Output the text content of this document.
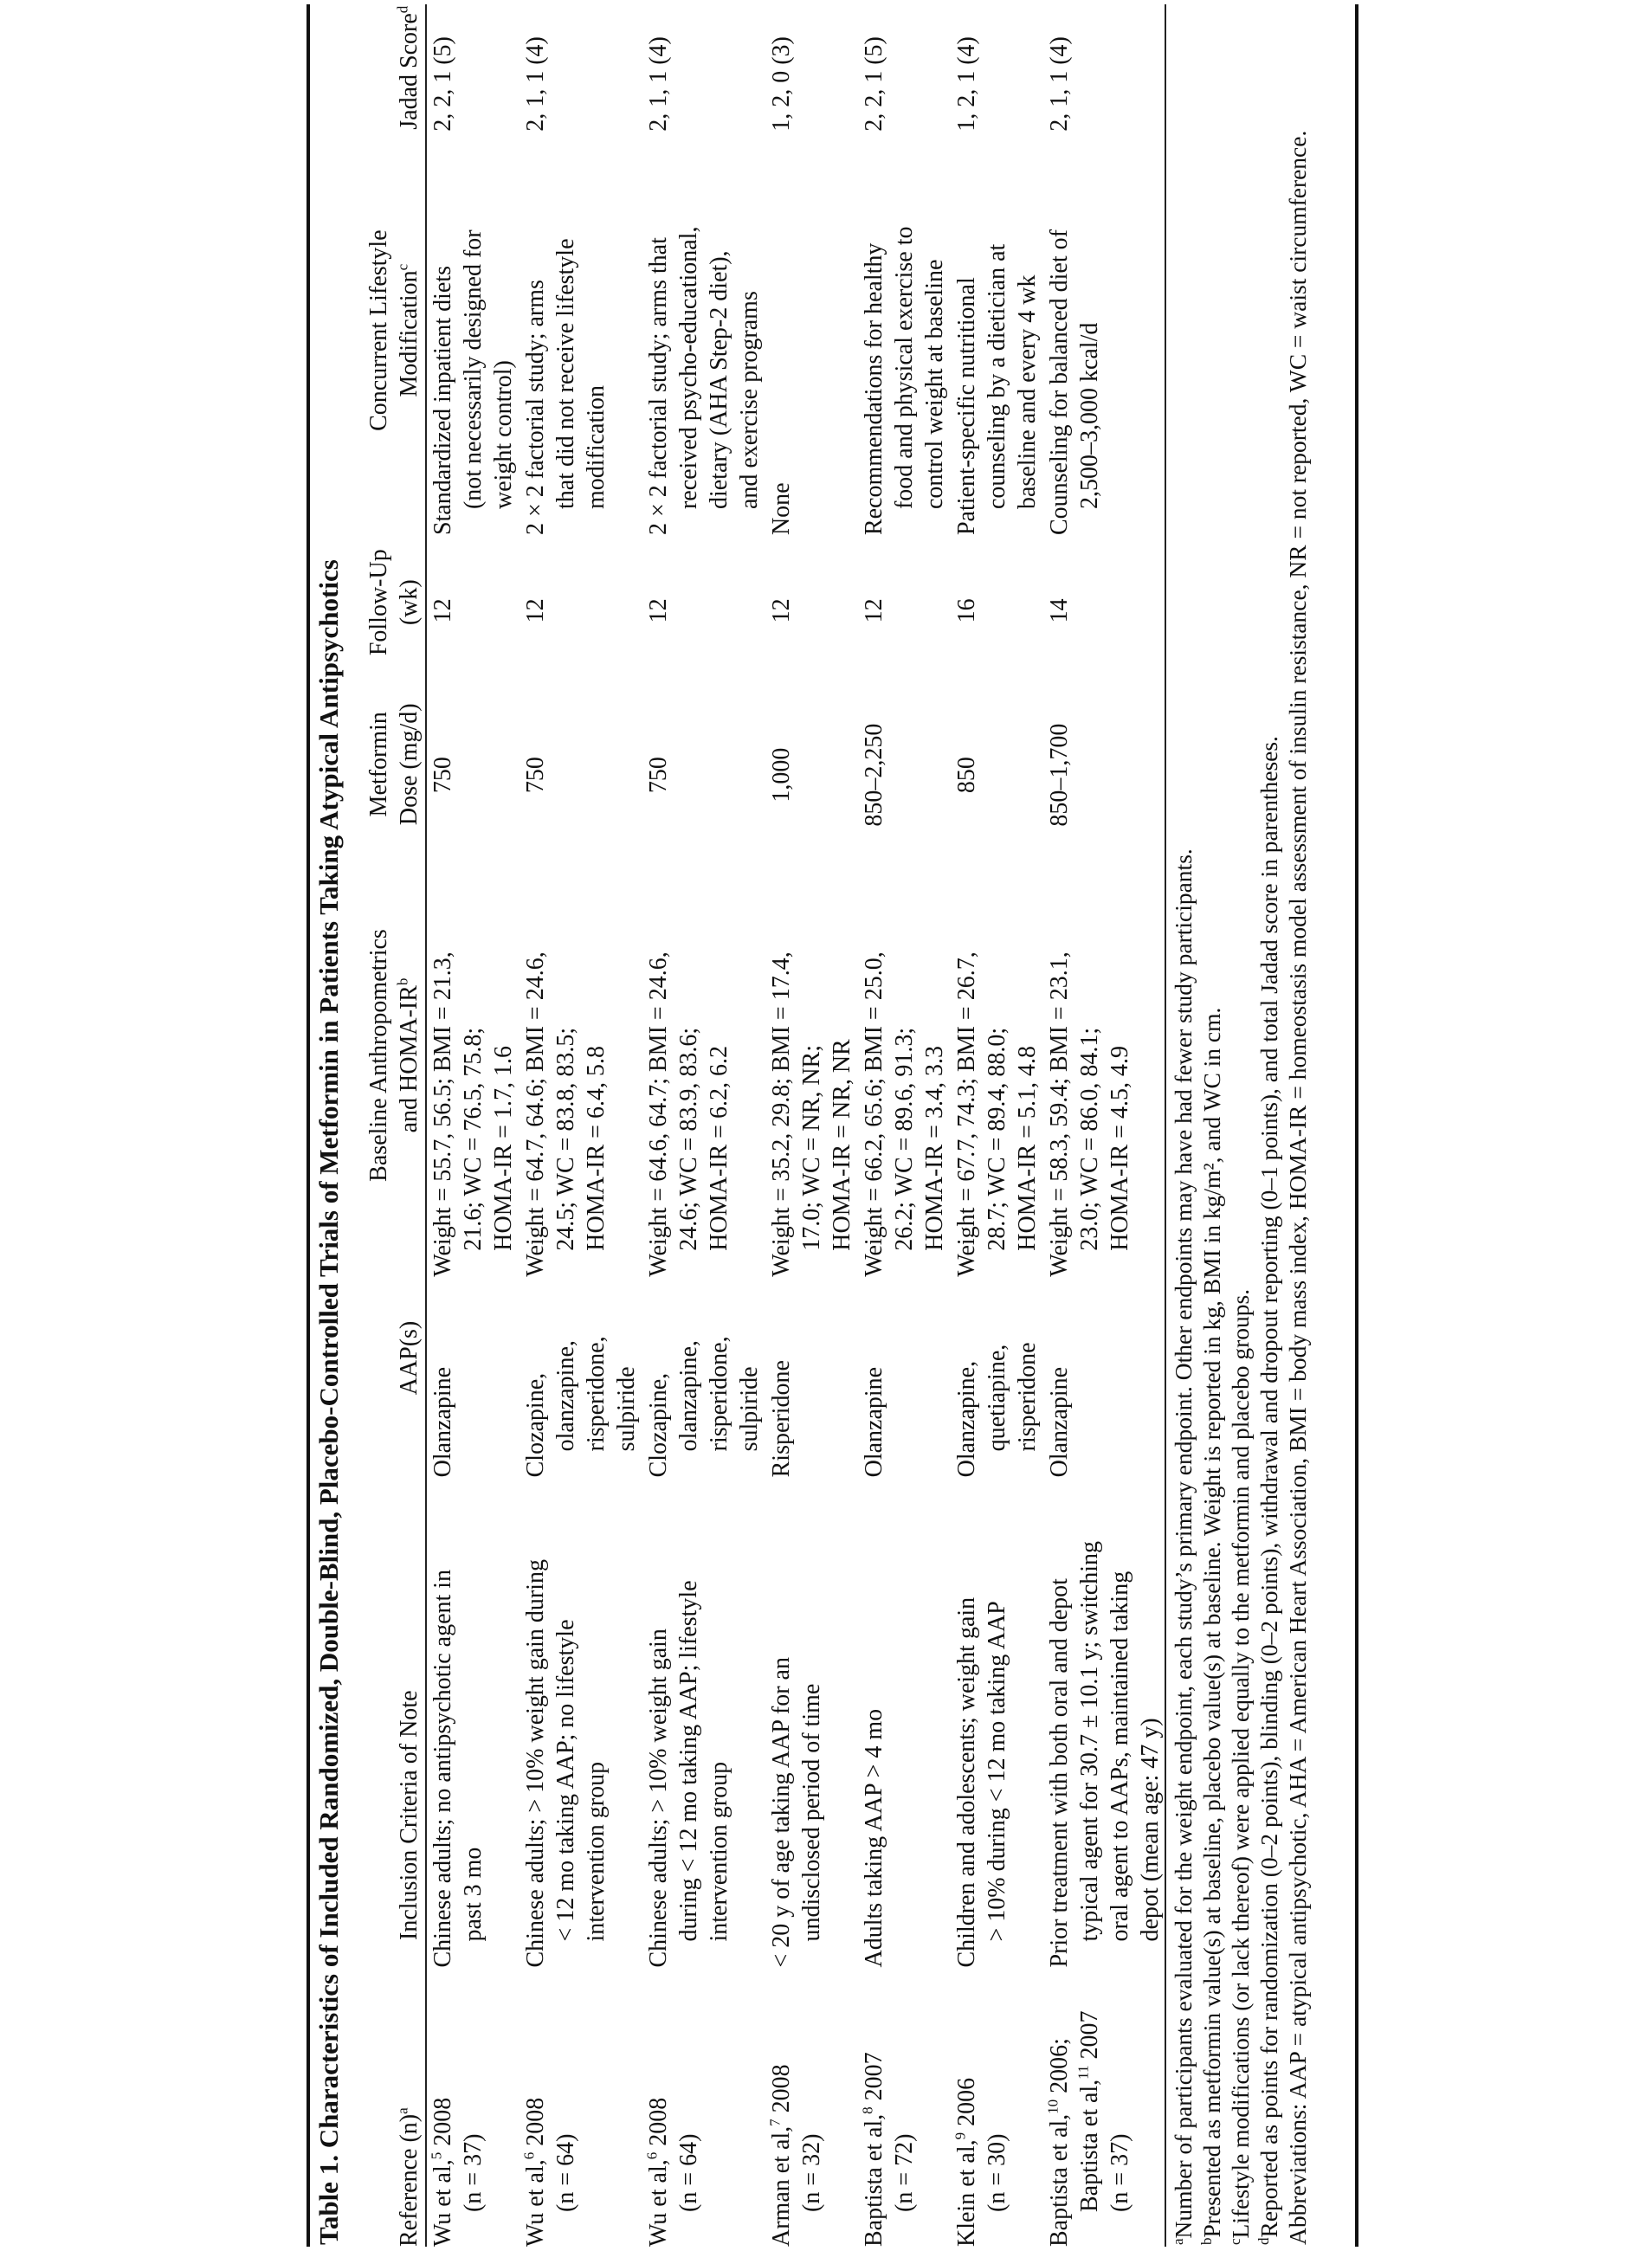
Table 1. Characteristics of Included Randomized, Double-Blind, Placebo-Controlled Trials of Metformin in Patients Taking Atypical Antipsychotics Reference $(n)^a$
Inclusion Criteria of Note
AAP(s)
Baseline Anthropometrics and HOMA-$IR^b$
Metformin Dose (mg/d)
Follow-Up (wk)
Concurrent Lifestyle Modification$^c$
Jadad Score$^d$
Wu et al,$^5$ 2008
(n = 37)
Chinese adults; no antipsychotic agent in past 3 mo
Olanzapine
Weight = 55.7, 56.5; BMI = 21.3, 21.6; WC = 76.5, 75.8; HOMA-IR = 1.7, 1.6
750
12
Standardized inpatient diets (not necessarily designed for weight control)
2, 2, 1 (5)
Wu et al,$^6$ 2008
(n = 64)
Chinese adults; > 10% weight gain during < 12 mo taking AAP; no lifestyle intervention group
Clozapine, olanzapine, risperidone, sulpiride
Weight = 64.7, 64.6; BMI = 24.6, 24.5; WC = 83.8, 83.5; HOMA-IR = 6.4, 5.8
750
12
2 × 2 factorial study; arms that did not receive lifestyle modification
2, 1, 1 (4)
Wu et al,$^6$ 2008
(n = 64)
Chinese adults; > 10% weight gain during < 12 mo taking AAP; lifestyle intervention group
Clozapine, olanzapine, risperidone, sulpiride
Weight = 64.6, 64.7; BMI = 24.6, 24.6; WC = 83.9, 83.6; HOMA-IR = 6.2, 6.2
750
12
2 × 2 factorial study; arms that received psycho-educational, dietary (AHA Step-2 diet), and exercise programs
2, 1, 1 (4)
Arman et al,$^7$ 2008
(n = 32)
< 20 y of age taking AAP for an undisclosed period of time
Risperidone
Weight = 35.2, 29.8; BMI = 17.4, 17.0; WC = NR, NR; HOMA-IR = NR, NR
1,000
12
None
1, 2, 0 (3)
Baptista et al,$^8$ 2007
(n = 72)
Adults taking AAP > 4 mo
Olanzapine
Weight = 66.2, 65.6; BMI = 25.0, 26.2; WC = 89.6, 91.3; HOMA-IR = 3.4, 3.3
850–2,250
12
Recommendations for healthy food and physical exercise to control weight at baseline
2, 2, 1 (5)
Klein et al,$^9$ 2006
(n = 30)
Children and adolescents; weight gain > 10% during < 12 mo taking AAP
Olanzapine, quetiapine, risperidone
Weight = 67.7, 74.3; BMI = 26.7, 28.7; WC = 89.4, 88.0; HOMA-IR = 5.1, 4.8
850
16
Patient-specific nutritional counseling by a dietician at baseline and every 4 wk
1, 2, 1 (4)
Baptista et al,$^{10}$ 2006;
Baptista et al,$^{11}$ 2007
(n = 37)
Prior treatment with both oral and depot typical agent for 30.7 ± 10.1 y; switching oral agent to AAPs, maintained taking depot (mean age: 47 y)
Olanzapine
Weight = 58.3, 59.4; BMI = 23.1, 23.0; WC = 86.0, 84.1; HOMA-IR = 4.5, 4.9
850–1,700
14
Counseling for balanced diet of 2,500–3,000 kcal/d
2, 1, 1 (4)
$^a$Number of participants evaluated for the weight endpoint, each study’s primary endpoint. Other endpoints may have had fewer study participants.
$^b$Presented as metformin value(s) at baseline, placebo value(s) at baseline. Weight is reported in kg, BMI in kg/m², and WC in cm.
$^c$Lifestyle modifications (or lack thereof) were applied equally to the metformin and placebo groups.
$^d$Reported as points for randomization (0–2 points), blinding (0–2 points), withdrawal and dropout reporting (0–1 points), and total Jadad score in parentheses. Abbreviations: AAP = atypical antipsychotic, AHA = American Heart Association, BMI = body mass index, HOMA-IR = homeostasis model assessment of insulin resistance, NR = not reported, WC = waist circumference.
